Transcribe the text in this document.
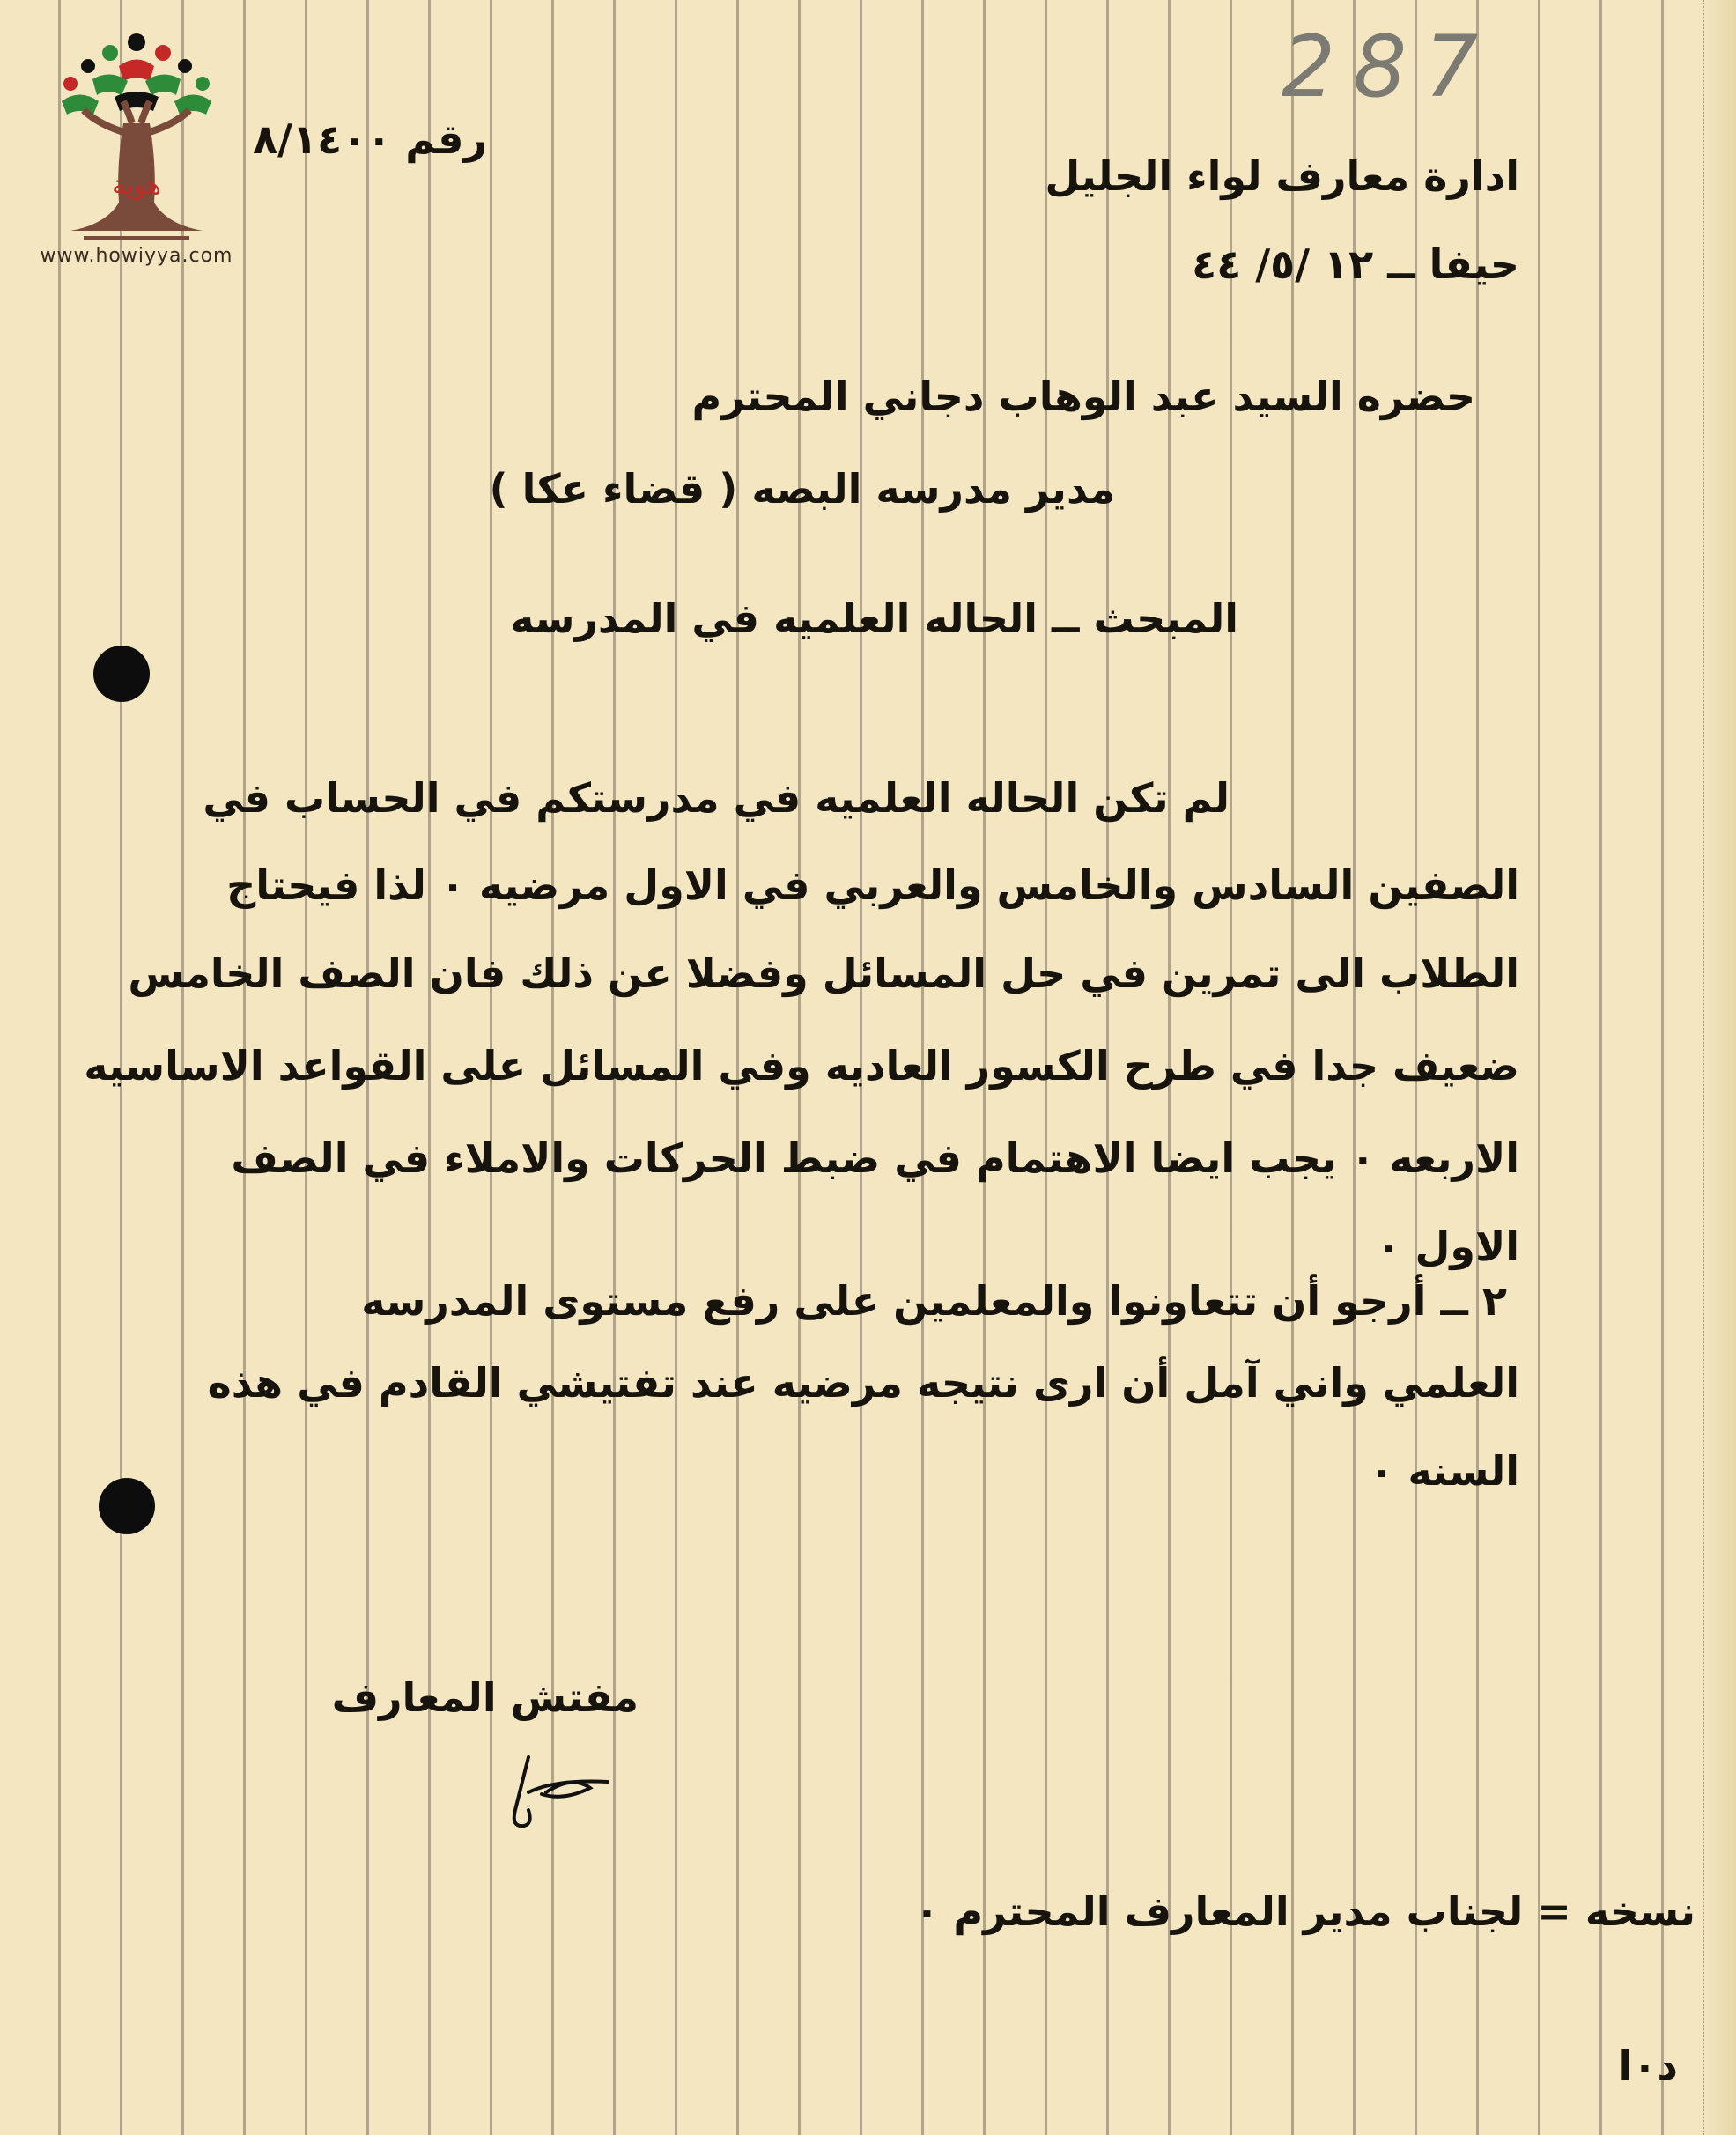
هوية
www.howiyya.com
287
رقم ٨/١٤٠٠
ادارة معارف لواء الجليل
حيفا ــ ١٢ /٥/ ٤٤
حضره السيد عبد الوهاب دجاني المحترم
مدير مدرسه البصه ( قضاء عكا )
المبحث ــ الحاله العلميه في المدرسه
لم تكن الحاله العلميه في مدرستكم في الحساب في
الصفين السادس والخامس والعربي في الاول مرضيه ٠ لذا فيحتاج
الطلاب الى تمرين في حل المسائل وفضلا عن ذلك فان الصف الخامس
ضعيف جدا في طرح الكسور العاديه وفي المسائل على القواعد الاساسيه
الاربعه ٠ يجب ايضا الاهتمام في ضبط الحركات والاملاء في الصف
الاول ٠
٢ ــ أرجو أن تتعاونوا والمعلمين على رفع مستوى المدرسه
العلمي واني آمل أن ارى نتيجه مرضيه عند تفتيشي القادم في هذه
السنه ٠
مفتش المعارف
نسخه = لجناب مدير المعارف المحترم ٠
د٠ا
